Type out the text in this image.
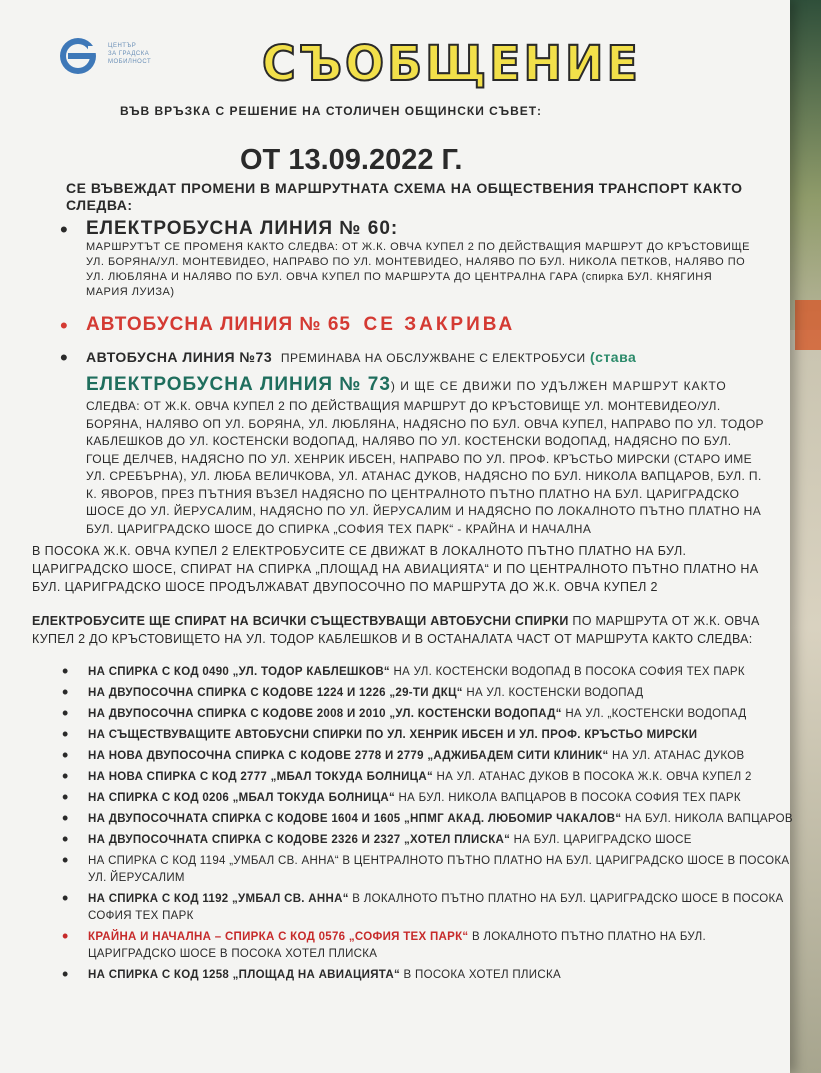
ЦЕНТЪР
ЗА ГРАДСКА
МОБИЛНОСТ СЪОБЩЕНИЕ
ВЪВ ВРЪЗКА С РЕШЕНИЕ НА СТОЛИЧЕН ОБЩИНСКИ СЪВЕТ:
ОТ 13.09.2022 Г.
СЕ ВЪВЕЖДАТ ПРОМЕНИ В МАРШРУТНАТА СХЕМА НА ОБЩЕСТВЕНИЯ ТРАНСПОРТ КАКТО СЛЕДВА:
• ЕЛЕКТРОБУСНА ЛИНИЯ № 60:
МАРШРУТЪТ СЕ ПРОМЕНЯ КАКТО СЛЕДВА: ОТ Ж.К. ОВЧА КУПЕЛ 2 ПО ДЕЙСТВАЩИЯ МАРШРУТ ДО КРЪСТОВИЩЕ УЛ. БОРЯНА/УЛ. МОНТЕВИДЕО, НАПРАВО ПО УЛ. МОНТЕВИДЕО, НАЛЯВО ПО БУЛ. НИКОЛА ПЕТКОВ, НАЛЯВО ПО УЛ. ЛЮБЛЯНА И НАЛЯВО ПО БУЛ. ОВЧА КУПЕЛ ПО МАРШРУТА ДО ЦЕНТРАЛНА ГАРА (спирка БУЛ. КНЯГИНЯ МАРИЯ ЛУИЗА)
• АВТОБУСНА ЛИНИЯ № 65 СЕ ЗАКРИВА
• АВТОБУСНА ЛИНИЯ №73 ПРЕМИНАВА НА ОБСЛУЖВАНЕ С ЕЛЕКТРОБУСИ (става
ЕЛЕКТРОБУСНА ЛИНИЯ № 73) И ЩЕ СЕ ДВИЖИ ПО УДЪЛЖЕН МАРШРУТ КАКТО
СЛЕДВА: ОТ Ж.К. ОВЧА КУПЕЛ 2 ПО ДЕЙСТВАЩИЯ МАРШРУТ ДО КРЪСТОВИЩЕ УЛ. МОНТЕВИДЕО/УЛ. БОРЯНА, НАЛЯВО ОП УЛ. БОРЯНА, УЛ. ЛЮБЛЯНА, НАДЯСНО ПО БУЛ. ОВЧА КУПЕЛ, НАПРАВО ПО УЛ. ТОДОР КАБЛЕШКОВ ДО УЛ. КОСТЕНСКИ ВОДОПАД, НАЛЯВО ПО УЛ. КОСТЕНСКИ ВОДОПАД, НАДЯСНО ПО БУЛ. ГОЦЕ ДЕЛЧЕВ, НАДЯСНО ПО УЛ. ХЕНРИК ИБСЕН, НАПРАВО ПО УЛ. ПРОФ. КРЪСТЬО МИРСКИ (СТАРО ИМЕ УЛ. СРЕБЪРНА), УЛ. ЛЮБА ВЕЛИЧКОВА, УЛ. АТАНАС ДУКОВ, НАДЯСНО ПО БУЛ. НИКОЛА ВАПЦАРОВ, БУЛ. П. К. ЯВОРОВ, ПРЕЗ ПЪТНИЯ ВЪЗЕЛ НАДЯСНО ПО ЦЕНТРАЛНОТО ПЪТНО ПЛАТНО НА БУЛ. ЦАРИГРАДСКО ШОСЕ ДО УЛ. ЙЕРУСАЛИМ, НАДЯСНО ПО УЛ. ЙЕРУСАЛИМ И НАДЯСНО ПО ЛОКАЛНОТО ПЪТНО ПЛАТНО НА БУЛ. ЦАРИГРАДСКО ШОСЕ ДО СПИРКА „СОФИЯ ТЕХ ПАРК“ - КРАЙНА И НАЧАЛНА
В ПОСОКА Ж.К. ОВЧА КУПЕЛ 2 ЕЛЕКТРОБУСИТЕ СЕ ДВИЖАТ В ЛОКАЛНОТО ПЪТНО ПЛАТНО НА БУЛ. ЦАРИГРАДСКО ШОСЕ, СПИРАТ НА СПИРКА „ПЛОЩАД НА АВИАЦИЯТА“ И ПО ЦЕНТРАЛНОТО ПЪТНО ПЛАТНО НА БУЛ. ЦАРИГРАДСКО ШОСЕ ПРОДЪЛЖАВАТ ДВУПОСОЧНО ПО МАРШРУТА ДО Ж.К. ОВЧА КУПЕЛ 2
ЕЛЕКТРОБУСИТЕ ЩЕ СПИРАТ НА ВСИЧКИ СЪЩЕСТВУВАЩИ АВТОБУСНИ СПИРКИ ПО МАРШРУТА ОТ Ж.К. ОВЧА КУПЕЛ 2 ДО КРЪСТОВИЩЕТО НА УЛ. ТОДОР КАБЛЕШКОВ И В ОСТАНАЛАТА ЧАСТ ОТ МАРШРУТА КАКТО СЛЕДВА:
• НА СПИРКА С КОД 0490 „УЛ. ТОДОР КАБЛЕШКОВ“ НА УЛ. КОСТЕНСКИ ВОДОПАД В ПОСОКА СОФИЯ ТЕХ ПАРК
• НА ДВУПОСОЧНА СПИРКА С КОДОВЕ 1224 И 1226 „29-ТИ ДКЦ“ НА УЛ. КОСТЕНСКИ ВОДОПАД
• НА ДВУПОСОЧНА СПИРКА С КОДОВЕ 2008 И 2010 „УЛ. КОСТЕНСКИ ВОДОПАД“ НА УЛ. „КОСТЕНСКИ ВОДОПАД
• НА СЪЩЕСТВУВАЩИТЕ АВТОБУСНИ СПИРКИ ПО УЛ. ХЕНРИК ИБСЕН И УЛ. ПРОФ. КРЪСТЬО МИРСКИ
• НА НОВА ДВУПОСОЧНА СПИРКА С КОДОВЕ 2778 И 2779 „АДЖИБАДЕМ СИТИ КЛИНИК“ НА УЛ. АТАНАС ДУКОВ
• НА НОВА СПИРКА С КОД 2777 „МБАЛ ТОКУДА БОЛНИЦА“ НА УЛ. АТАНАС ДУКОВ В ПОСОКА Ж.К. ОВЧА КУПЕЛ 2
• НА СПИРКА С КОД 0206 „МБАЛ ТОКУДА БОЛНИЦА“ НА БУЛ. НИКОЛА ВАПЦАРОВ В ПОСОКА СОФИЯ ТЕХ ПАРК
• НА ДВУПОСОЧНАТА СПИРКА С КОДОВЕ 1604 И 1605 „НПМГ АКАД. ЛЮБОМИР ЧАКАЛОВ“ НА БУЛ. НИКОЛА ВАПЦАРОВ
• НА ДВУПОСОЧНАТА СПИРКА С КОДОВЕ 2326 И 2327 „ХОТЕЛ ПЛИСКА“ НА БУЛ. ЦАРИГРАДСКО ШОСЕ
• НА СПИРКА С КОД 1194 „УМБАЛ СВ. АННА“ В ЦЕНТРАЛНОТО ПЪТНО ПЛАТНО НА БУЛ. ЦАРИГРАДСКО ШОСЕ В ПОСОКА УЛ. ЙЕРУСАЛИМ
• НА СПИРКА С КОД 1192 „УМБАЛ СВ. АННА“ В ЛОКАЛНОТО ПЪТНО ПЛАТНО НА БУЛ. ЦАРИГРАДСКО ШОСЕ В ПОСОКА СОФИЯ ТЕХ ПАРК
• КРАЙНА И НАЧАЛНА – СПИРКА С КОД 0576 „СОФИЯ ТЕХ ПАРК“ В ЛОКАЛНОТО ПЪТНО ПЛАТНО НА БУЛ. ЦАРИГРАДСКО ШОСЕ В ПОСОКА ХОТЕЛ ПЛИСКА
• НА СПИРКА С КОД 1258 „ПЛОЩАД НА АВИАЦИЯТА“ В ПОСОКА ХОТЕЛ ПЛИСКА
